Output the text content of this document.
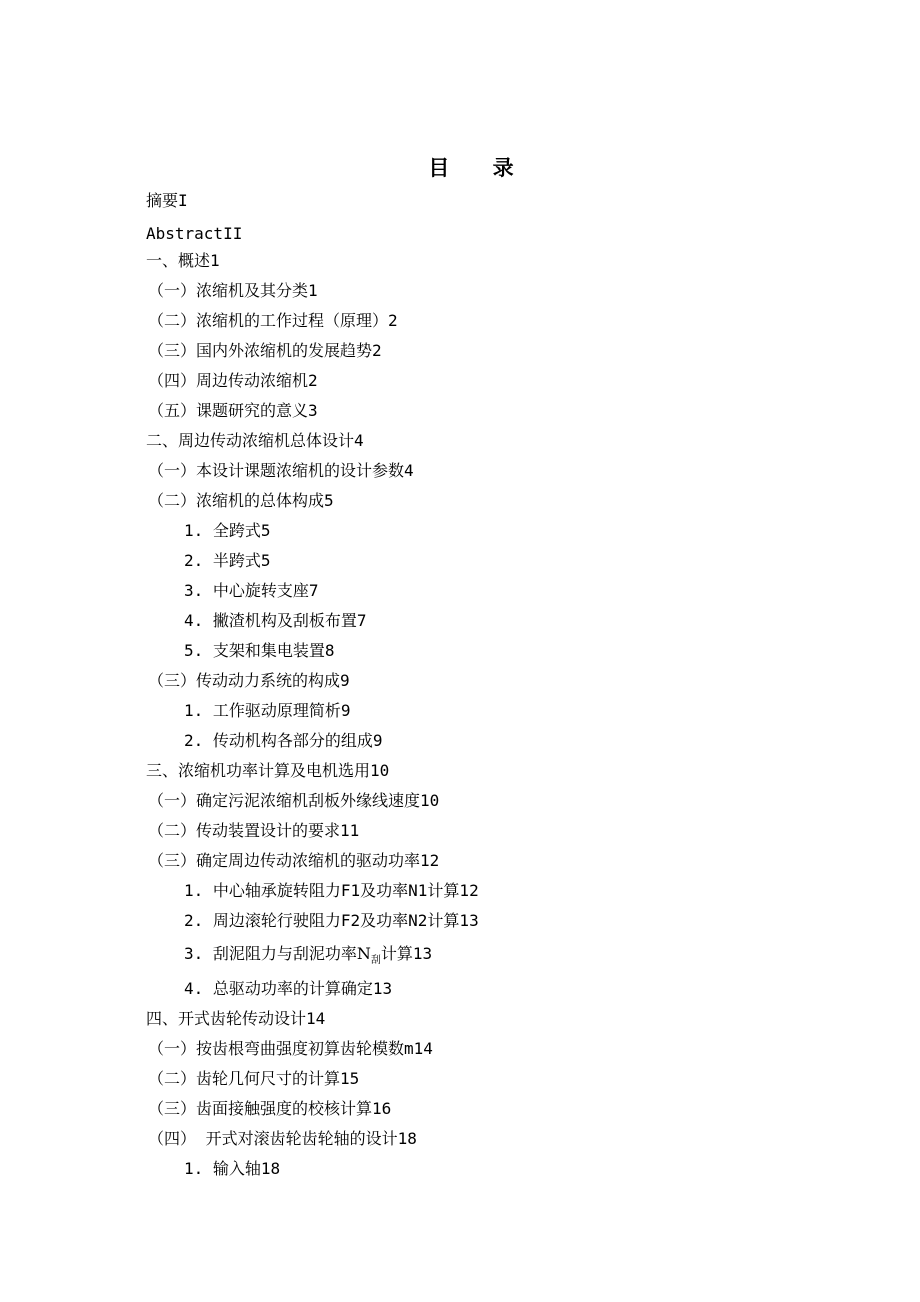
目 录
摘要I
AbstractII
一、概述1
（一）浓缩机及其分类1
（二）浓缩机的工作过程（原理）2
（三）国内外浓缩机的发展趋势2
（四）周边传动浓缩机2
（五）课题研究的意义3
二、周边传动浓缩机总体设计4
（一）本设计课题浓缩机的设计参数4
（二）浓缩机的总体构成5
1. 全跨式5
2. 半跨式5
3. 中心旋转支座7
4. 撇渣机构及刮板布置7
5. 支架和集电装置8
（三）传动动力系统的构成9
1. 工作驱动原理简析9
2. 传动机构各部分的组成9
三、浓缩机功率计算及电机选用10
（一）确定污泥浓缩机刮板外缘线速度10
（二）传动装置设计的要求11
（三）确定周边传动浓缩机的驱动功率12
1. 中心轴承旋转阻力F1及功率N1计算12
2. 周边滚轮行驶阻力F2及功率N2计算13
3. 刮泥阻力与刮泥功率$N_刮$计算13
4. 总驱动功率的计算确定13
四、开式齿轮传动设计14
（一）按齿根弯曲强度初算齿轮模数m14
（二）齿轮几何尺寸的计算15
（三）齿面接触强度的校核计算16
（四） 开式对滚齿轮齿轮轴的设计18
1. 输入轴18
